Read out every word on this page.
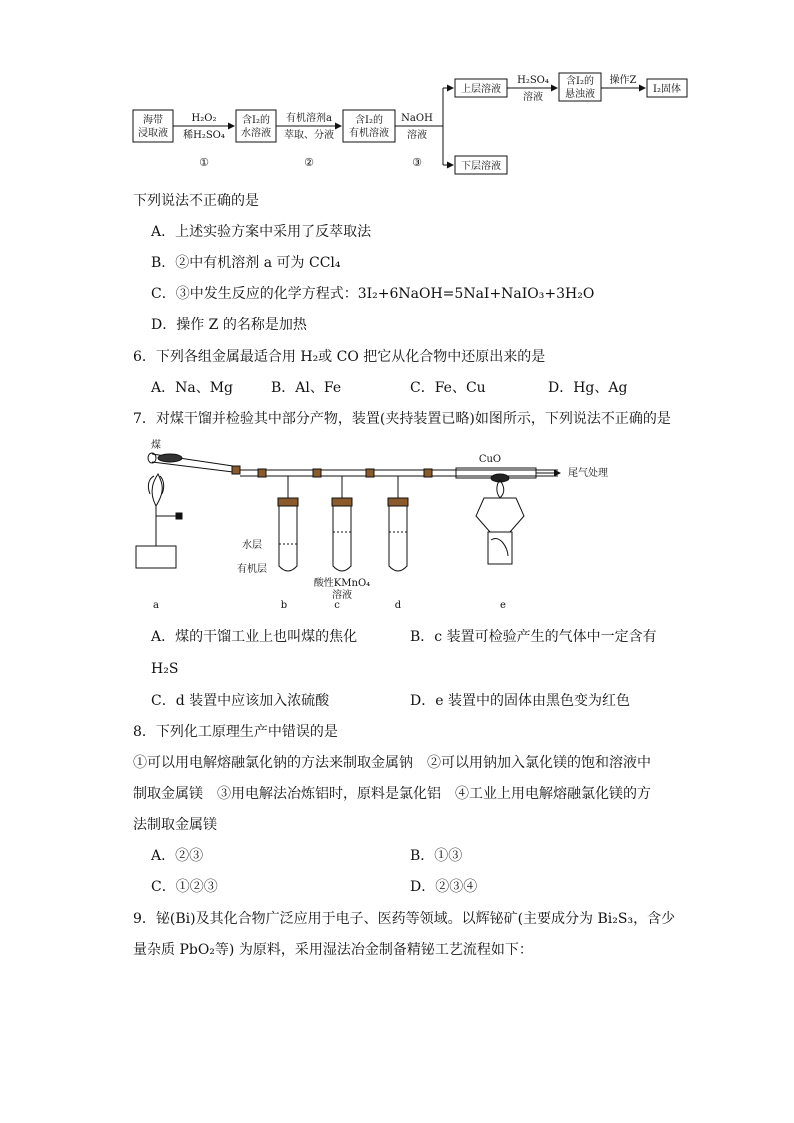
海带
浸取液
H₂O₂
稀H₂SO₄
①
含I₂的
水溶液
有机溶剂a
萃取、分液
②
含I₂的
有机溶液
NaOH
溶液
③
上层溶液
下层溶液
H₂SO₄
溶液
含I₂的
悬浊液
操作Z
I₂固体
下列说法不正确的是
A．上述实验方案中采用了反萃取法
B．②中有机溶剂 a 可为 CCl₄
C．③中发生反应的化学方程式：3I₂+6NaOH=5NaI+NaIO₃+3H₂O
D．操作 Z 的名称是加热
6．下列各组金属最适合用 H₂或 CO 把它从化合物中还原出来的是
A．Na、Mg	B．Al、Fe	C．Fe、Cu	D．Hg、Ag
7．对煤干馏并检验其中部分产物，装置(夹持装置已略)如图所示，下列说法不正确的是
煤
CuO
尾气处理
水层
有机层
酸性KMnO₄
溶液
a	b	c	d	e
A．煤的干馏工业上也叫煤的焦化	B．c 装置可检验产生的气体中一定含有
H₂S
C．d 装置中应该加入浓硫酸	D．e 装置中的固体由黑色变为红色
8．下列化工原理生产中错误的是
①可以用电解熔融氯化钠的方法来制取金属钠　②可以用钠加入氯化镁的饱和溶液中
制取金属镁　③用电解法冶炼铝时，原料是氯化铝　④工业上用电解熔融氯化镁的方
法制取金属镁
A．②③	B．①③
C．①②③	D．②③④
9．铋(Bi)及其化合物广泛应用于电子、医药等领域。以辉铋矿(主要成分为 Bi₂S₃，含少
量杂质 PbO₂等) 为原料，采用湿法冶金制备精铋工艺流程如下：
